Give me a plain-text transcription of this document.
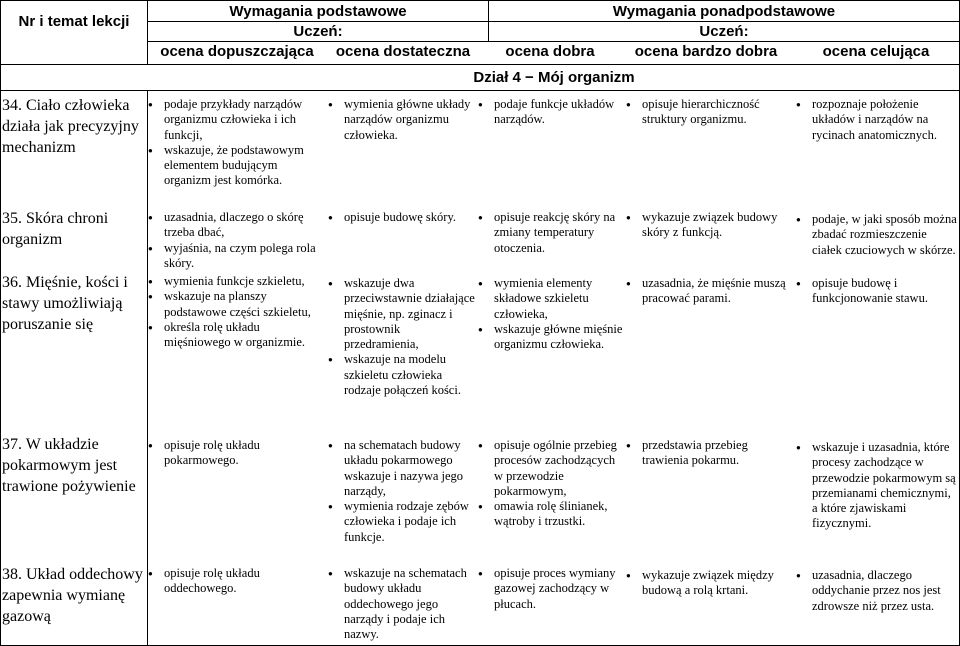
Nr i temat lekcji
Wymagania podstawowe	Wymagania ponadpodstawowe
Uczeń:	Uczeń:
ocena dopuszczająca	ocena dostateczna	ocena dobra	ocena bardzo dobra	ocena celująca
Dział 4 − Mój organizm
34. Ciało człowieka działa jak precyzyjny mechanizm
● podaje przykłady narządów organizmu człowieka i ich funkcji,
● wskazuje, że podstawowym elementem budującym organizm jest komórka.
● wymienia główne układy narządów organizmu człowieka.
● podaje funkcje układów narządów.
● opisuje hierarchiczność struktury organizmu.
● rozpoznaje położenie układów i narządów na rycinach anatomicznych.
35. Skóra chroni organizm
● uzasadnia, dlaczego o skórę trzeba dbać,
● wyjaśnia, na czym polega rola skóry.
● opisuje budowę skóry.
●	opisuje reakcję skóry na zmiany temperatury otoczenia.
● wykazuje związek budowy skóry z funkcją.
● podaje, w jaki sposób można zbadać rozmieszczenie ciałek czuciowych w skórze.
36. Mięśnie, kości i stawy umożliwiają poruszanie się
● wymienia funkcje szkieletu,
● wskazuje na planszy podstawowe części szkieletu,
● określa rolę układu mięśniowego w organizmie.
● wskazuje dwa przeciwstawnie działające mięśnie, np. zginacz i prostownik przedramienia,
● wskazuje na modelu szkieletu człowieka rodzaje połączeń kości.
● wymienia elementy składowe szkieletu człowieka,
● wskazuje główne mięśnie organizmu człowieka.
● uzasadnia, że mięśnie muszą pracować parami.
● opisuje budowę i funkcjonowanie stawu.
37. W układzie pokarmowym jest trawione pożywienie
● opisuje rolę układu pokarmowego.
● na schematach budowy układu pokarmowego wskazuje i nazywa jego narządy,
● wymienia rodzaje zębów człowieka i podaje ich funkcje.
● opisuje ogólnie przebieg procesów zachodzących w przewodzie pokarmowym,
● omawia rolę ślinianek, wątroby i trzustki.
● przedstawia przebieg trawienia pokarmu.
● wskazuje i uzasadnia, które procesy zachodzące w przewodzie pokarmowym są przemianami chemicznymi, a które zjawiskami fizycznymi.
38. Układ oddechowy zapewnia wymianę gazową
● opisuje rolę układu oddechowego.
● wskazuje na schematach budowy układu oddechowego jego narządy i podaje ich nazwy.
● opisuje proces wymiany gazowej zachodzący w płucach.
● wykazuje związek między budową a rolą krtani.
● uzasadnia, dlaczego oddychanie przez nos jest zdrowsze niż przez usta.
